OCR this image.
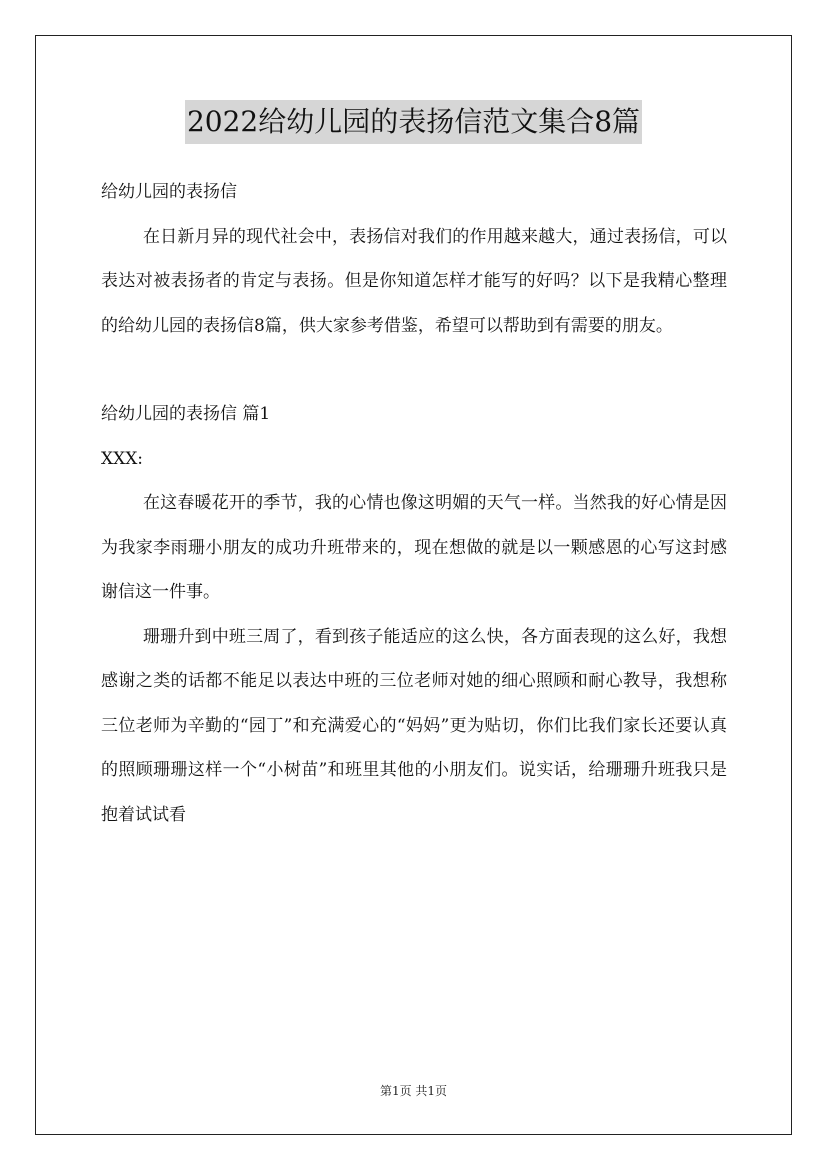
2022给幼儿园的表扬信范文集合8篇

给幼儿园的表扬信

在日新月异的现代社会中，表扬信对我们的作用越来越大，通过表扬信，可以表达对被表扬者的肯定与表扬。但是你知道怎样才能写的好吗？以下是我精心整理的给幼儿园的表扬信8篇，供大家参考借鉴，希望可以帮助到有需要的朋友。

给幼儿园的表扬信 篇1

XXX:

在这春暖花开的季节，我的心情也像这明媚的天气一样。当然我的好心情是因为我家李雨珊小朋友的成功升班带来的，现在想做的就是以一颗感恩的心写这封感谢信这一件事。

珊珊升到中班三周了，看到孩子能适应的这么快，各方面表现的这么好，我想感谢之类的话都不能足以表达中班的三位老师对她的细心照顾和耐心教导，我想称三位老师为辛勤的“园丁”和充满爱心的“妈妈”更为贴切，你们比我们家长还要认真的照顾珊珊这样一个“小树苗”和班里其他的小朋友们。说实话，给珊珊升班我只是抱着试试看

第1页 共1页
